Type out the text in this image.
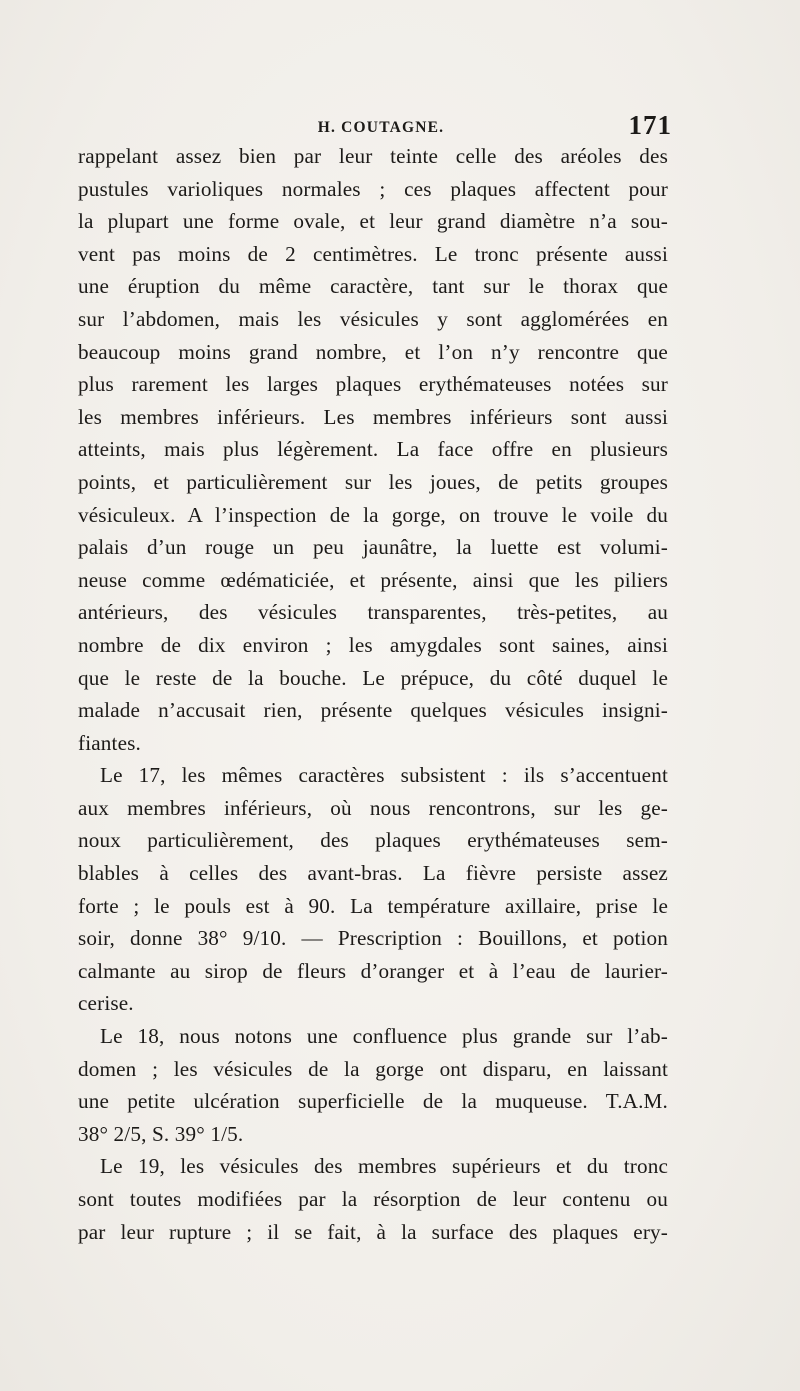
H. COUTAGNE.	171
rappelant assez bien par leur teinte celle des aréoles des
pustules varioliques normales ; ces plaques affectent pour
la plupart une forme ovale, et leur grand diamètre n’a sou-
vent pas moins de 2 centimètres. Le tronc présente aussi
une éruption du même caractère, tant sur le thorax que
sur l’abdomen, mais les vésicules y sont agglomérées en
beaucoup moins grand nombre, et l’on n’y rencontre que
plus rarement les larges plaques erythémateuses notées sur
les membres inférieurs. Les membres inférieurs sont aussi
atteints, mais plus légèrement. La face offre en plusieurs
points, et particulièrement sur les joues, de petits groupes
vésiculeux. A l’inspection de la gorge, on trouve le voile du
palais d’un rouge un peu jaunâtre, la luette est volumi-
neuse comme œdématiciée, et présente, ainsi que les piliers
antérieurs, des vésicules transparentes, très-petites, au
nombre de dix environ ; les amygdales sont saines, ainsi
que le reste de la bouche. Le prépuce, du côté duquel le
malade n’accusait rien, présente quelques vésicules insigni-
fiantes.
Le 17, les mêmes caractères subsistent : ils s’accentuent
aux membres inférieurs, où nous rencontrons, sur les ge-
noux particulièrement, des plaques erythémateuses sem-
blables à celles des avant-bras. La fièvre persiste assez
forte ; le pouls est à 90. La température axillaire, prise le
soir, donne 38° 9/10. — Prescription : Bouillons, et potion
calmante au sirop de fleurs d’oranger et à l’eau de laurier-
cerise.
Le 18, nous notons une confluence plus grande sur l’ab-
domen ; les vésicules de la gorge ont disparu, en laissant
une petite ulcération superficielle de la muqueuse. T.A.M.
38° 2/5, S. 39° 1/5.
Le 19, les vésicules des membres supérieurs et du tronc
sont toutes modifiées par la résorption de leur contenu ou
par leur rupture ; il se fait, à la surface des plaques ery-
